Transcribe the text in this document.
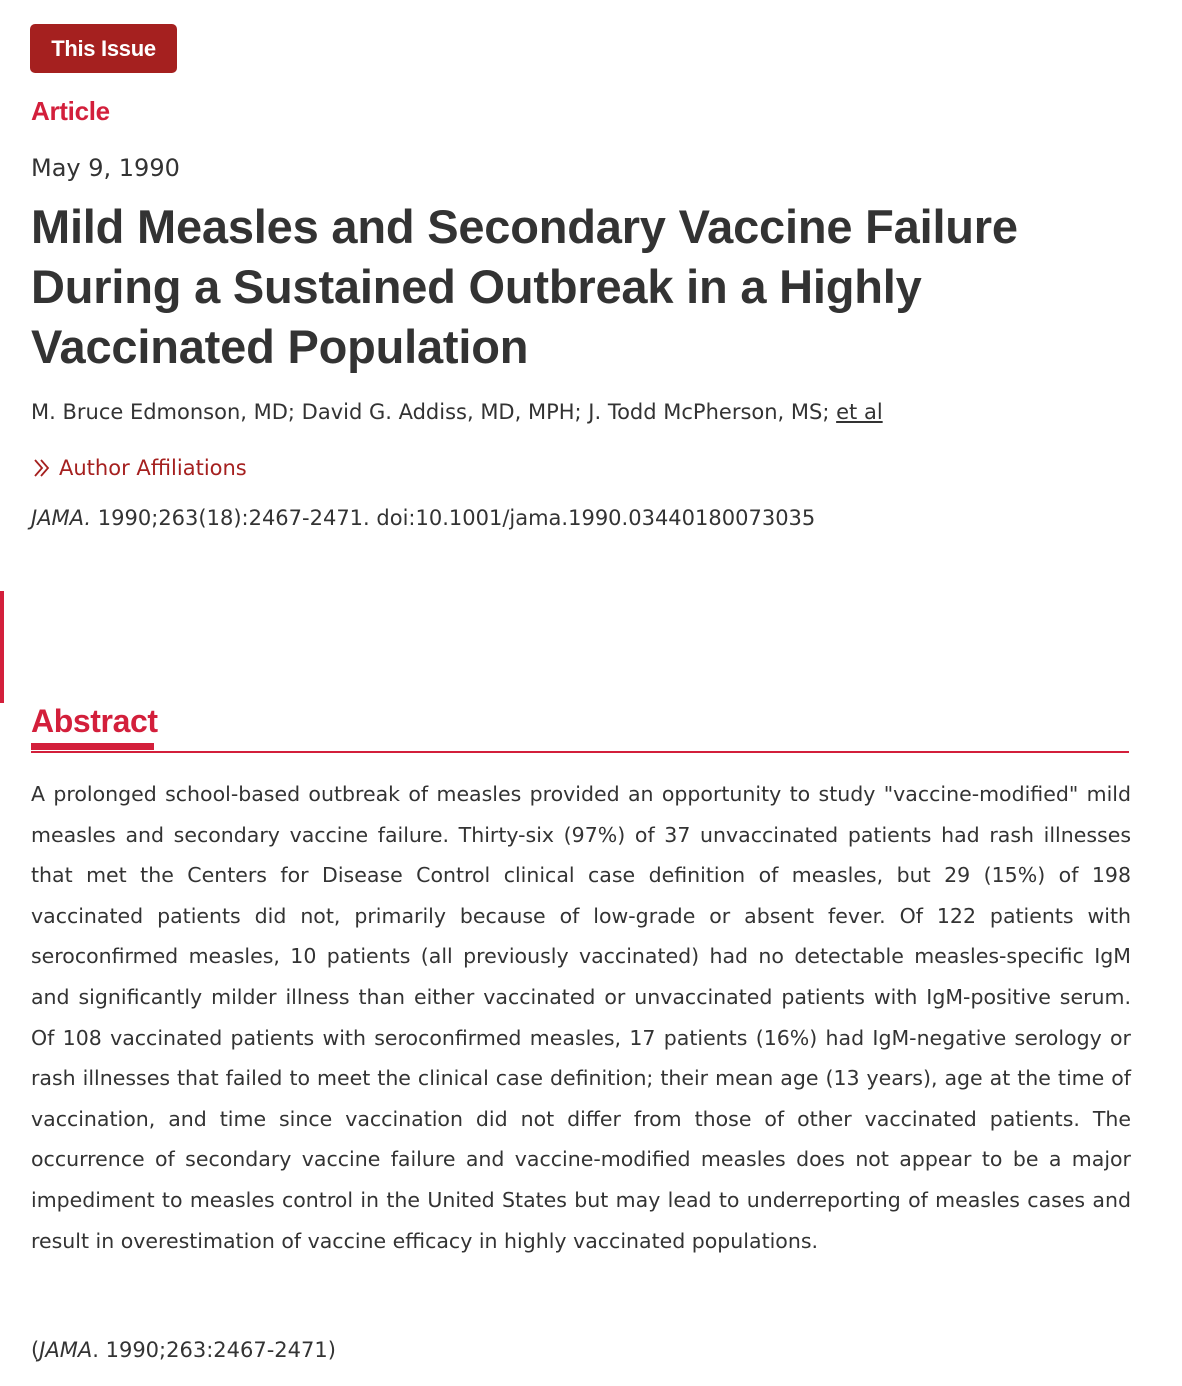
This Issue
Article
May 9, 1990
Mild Measles and Secondary Vaccine Failure During a Sustained Outbreak in a Highly Vaccinated Population
M. Bruce Edmonson, MD; David G. Addiss, MD, MPH; J. Todd McPherson, MS; et al
Author Affiliations
JAMA. 1990;263(18):2467-2471. doi:10.1001/jama.1990.03440180073035
Abstract

A prolonged school-based outbreak of measles provided an opportunity to study "vaccine-modified" mild measles and secondary vaccine failure. Thirty-six (97%) of 37 unvaccinated patients had rash illnesses that met the Centers for Disease Control clinical case definition of measles, but 29 (15%) of 198 vaccinated patients did not, primarily because of low-grade or absent fever. Of 122 patients with seroconfirmed measles, 10 patients (all previously vaccinated) had no detectable measles-specific IgM and significantly milder illness than either vaccinated or unvaccinated patients with IgM-positive serum. Of 108 vaccinated patients with seroconfirmed measles, 17 patients (16%) had IgM-negative serology or rash illnesses that failed to meet the clinical case definition; their mean age (13 years), age at the time of vaccination, and time since vaccination did not differ from those of other vaccinated patients. The occurrence of secondary vaccine failure and vaccine-modified measles does not appear to be a major impediment to measles control in the United States but may lead to underreporting of measles cases and result in overestimation of vaccine efficacy in highly vaccinated populations.

(JAMA. 1990;263:2467-2471)
